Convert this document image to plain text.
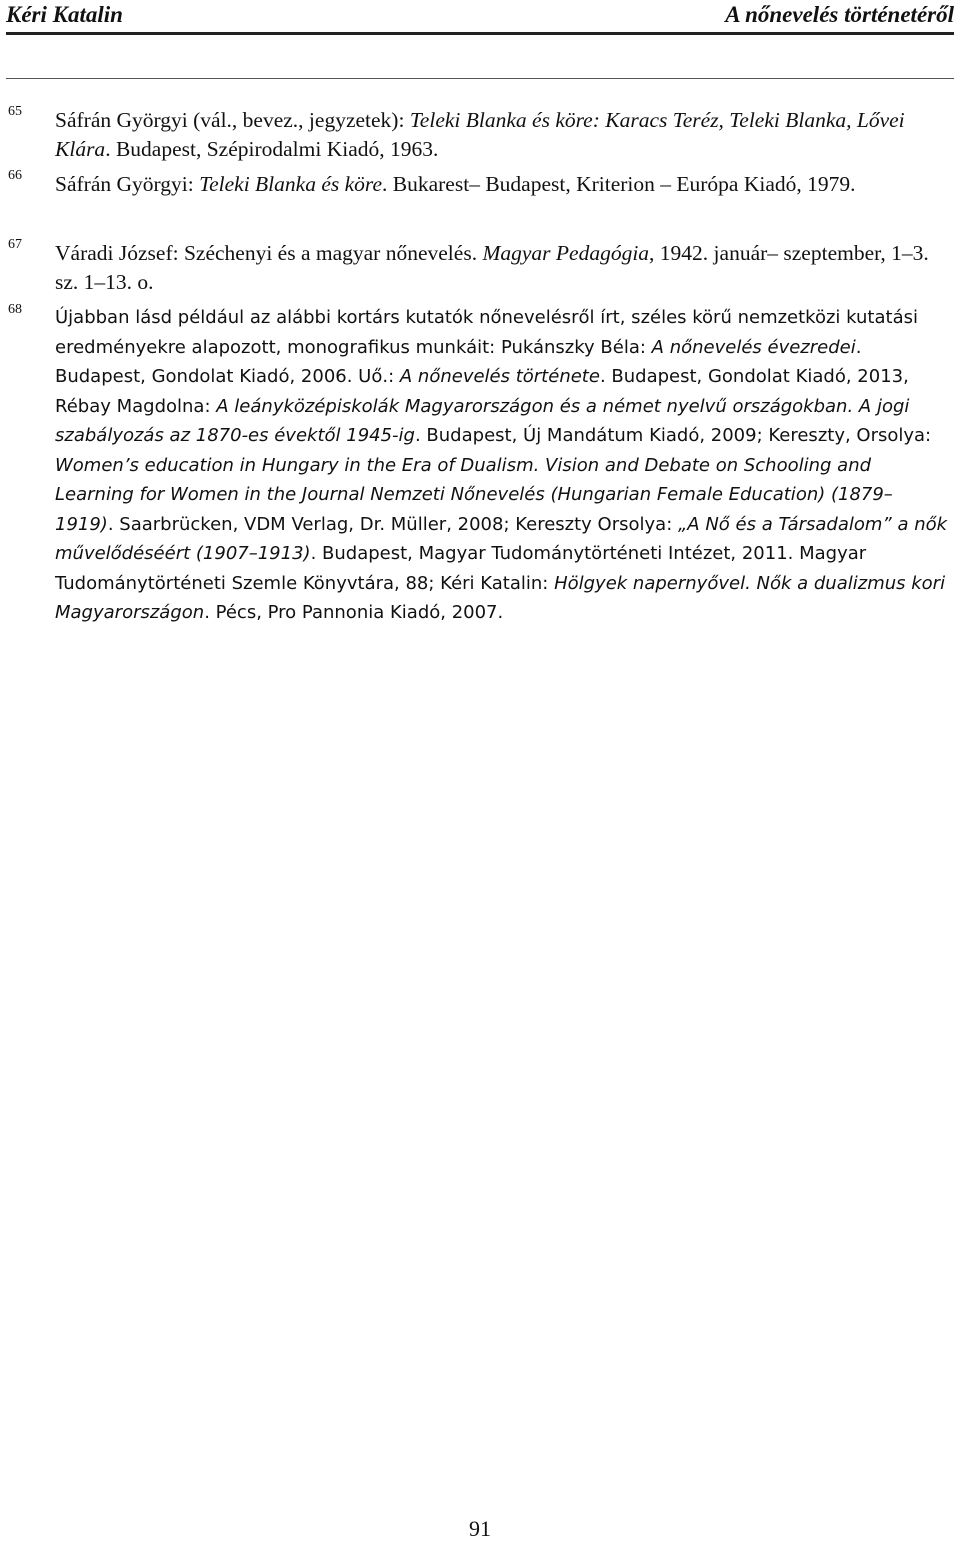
Kéri Katalin	A nőnevelés történetéről
65 Sáfrán Györgyi (vál., bevez., jegyzetek): Teleki Blanka és köre: Karacs Teréz, Teleki Blanka, Lővei Klára. Budapest, Szépirodalmi Kiadó, 1963.
66 Sáfrán Györgyi: Teleki Blanka és köre. Bukarest– Budapest, Kriterion – Európa Kiadó, 1979.
67 Váradi József: Széchenyi és a magyar nőnevelés. Magyar Pedagógia, 1942. január– szeptember, 1–3. sz. 1–13. o.
68 Újabban lásd például az alábbi kortárs kutatók nőnevelésről írt, széles körű nemzetközi kutatási eredményekre alapozott, monografikus munkáit: Pukánszky Béla: A nőnevelés évezredei. Budapest, Gondolat Kiadó, 2006. Uő.: A nőnevelés története. Budapest, Gondolat Kiadó, 2013, Rébay Magdolna: A leányközépiskolák Magyarországon és a német nyelvű országokban. A jogi szabályozás az 1870-es évektől 1945-ig. Budapest, Új Mandátum Kiadó, 2009; Kereszty, Orsolya: Women’s education in Hungary in the Era of Dualism. Vision and Debate on Schooling and Learning for Women in the Journal Nemzeti Nőnevelés (Hungarian Female Education) (1879–1919). Saarbrücken, VDM Verlag, Dr. Müller, 2008; Kereszty Orsolya: „A Nő és a Társadalom” a nők művelődéséért (1907–1913). Budapest, Magyar Tudománytörténeti Intézet, 2011. Magyar Tudománytörténeti Szemle Könyvtára, 88; Kéri Katalin: Hölgyek napernyővel. Nők a dualizmus kori Magyarországon. Pécs, Pro Pannonia Kiadó, 2007.
91
